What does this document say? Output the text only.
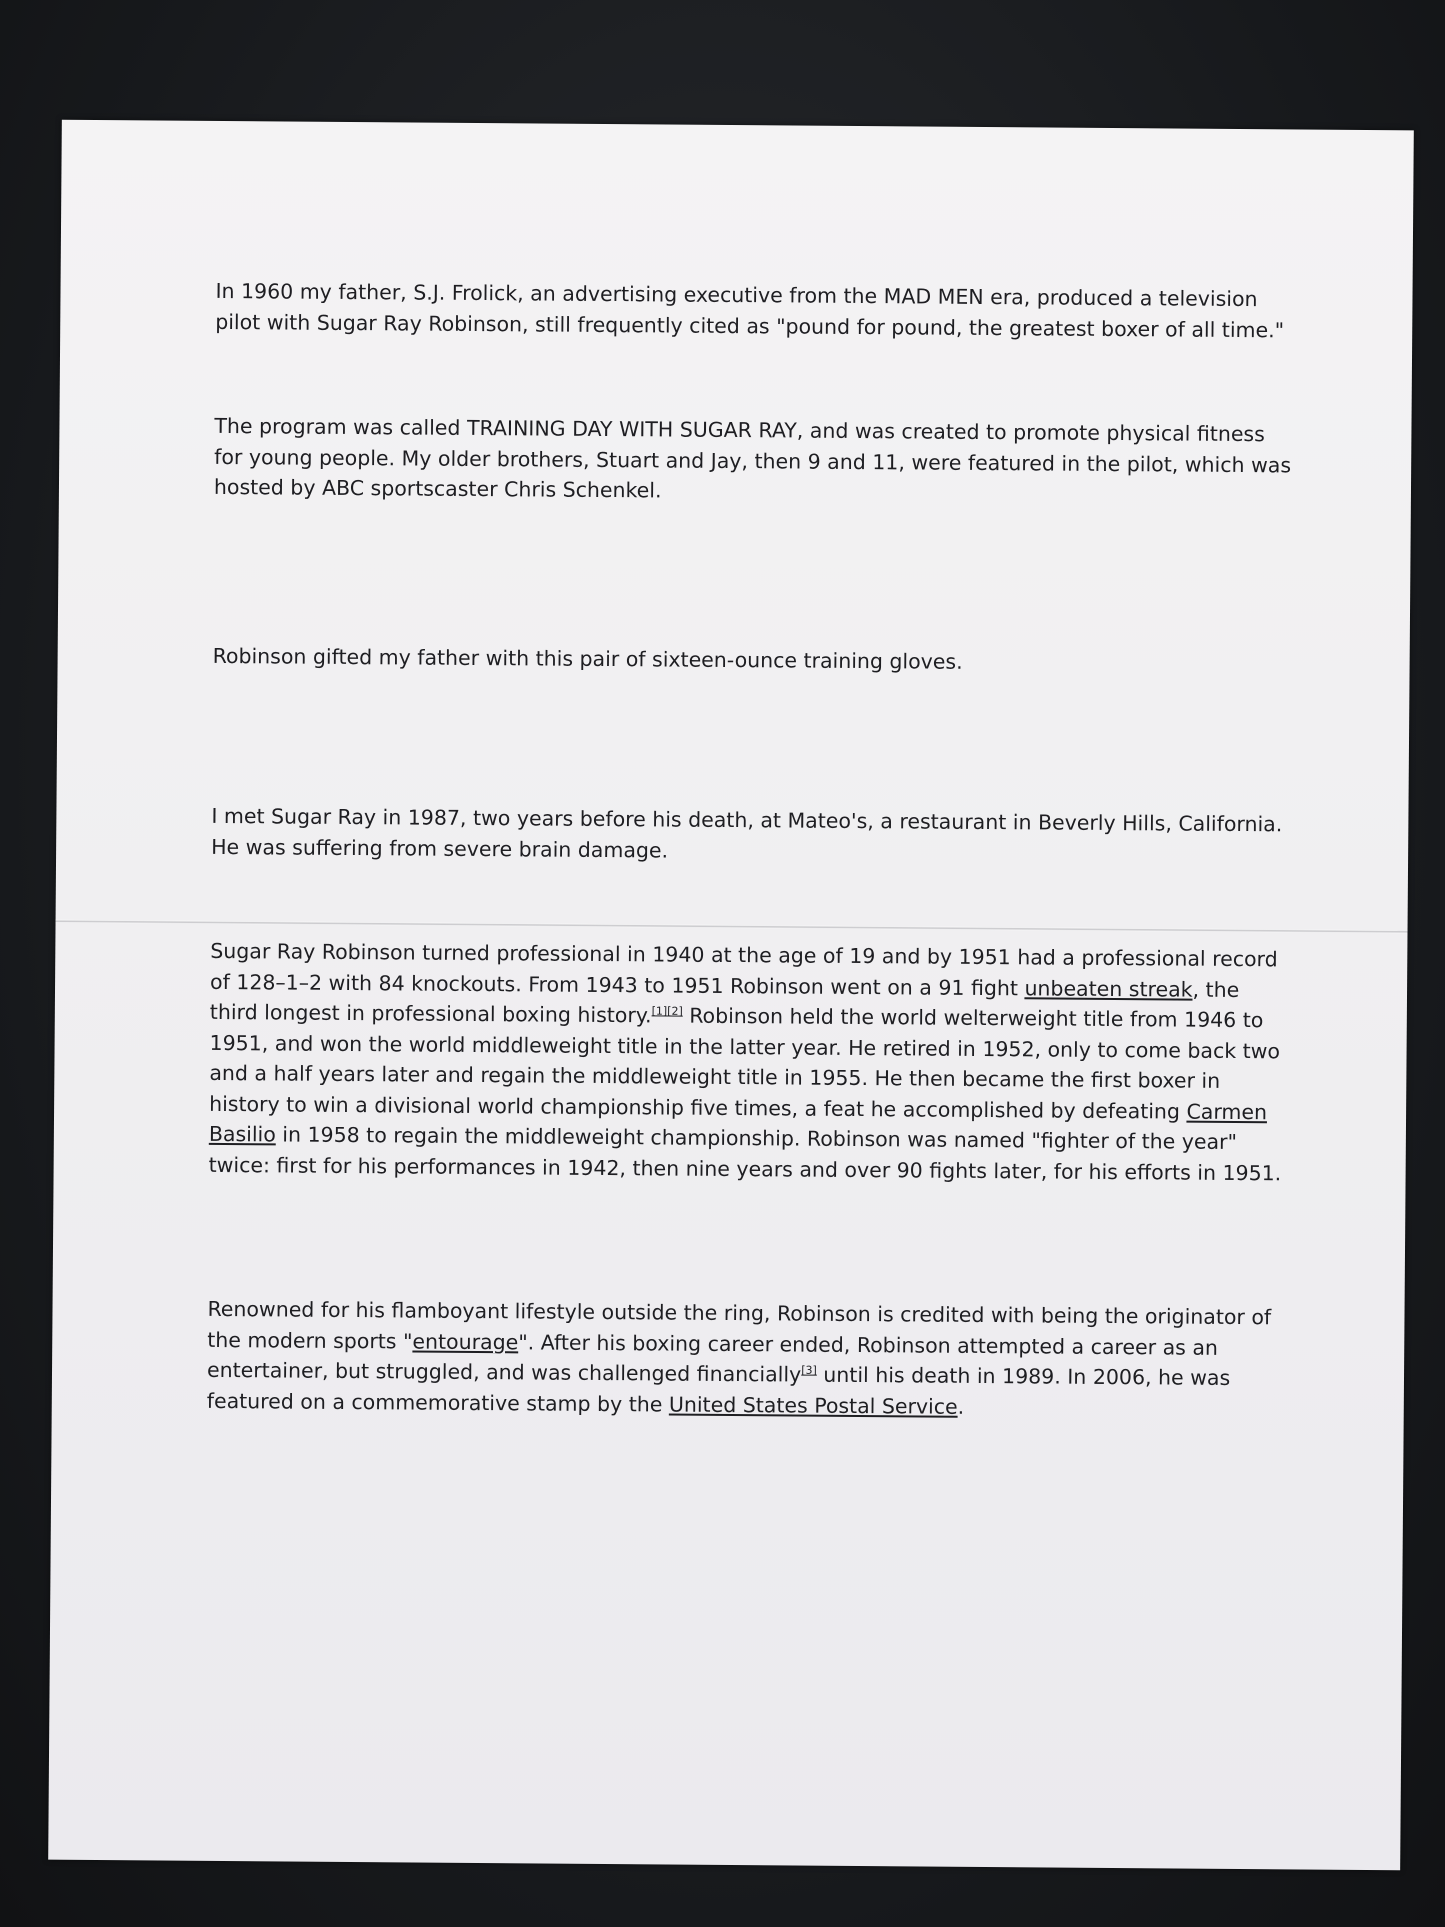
In 1960 my father, S.J. Frolick, an advertising executive from the MAD MEN era, produced a television pilot with Sugar Ray Robinson, still frequently cited as "pound for pound, the greatest boxer of all time."

The program was called TRAINING DAY WITH SUGAR RAY, and was created to promote physical fitness for young people. My older brothers, Stuart and Jay, then 9 and 11, were featured in the pilot, which was hosted by ABC sportscaster Chris Schenkel.

Robinson gifted my father with this pair of sixteen-ounce training gloves.

I met Sugar Ray in 1987, two years before his death, at Mateo's, a restaurant in Beverly Hills, California. He was suffering from severe brain damage.

Sugar Ray Robinson turned professional in 1940 at the age of 19 and by 1951 had a professional record of 128–1–2 with 84 knockouts. From 1943 to 1951 Robinson went on a 91 fight unbeaten streak, the third longest in professional boxing history.[1][2] Robinson held the world welterweight title from 1946 to 1951, and won the world middleweight title in the latter year. He retired in 1952, only to come back two and a half years later and regain the middleweight title in 1955. He then became the first boxer in history to win a divisional world championship five times, a feat he accomplished by defeating Carmen Basilio in 1958 to regain the middleweight championship. Robinson was named "fighter of the year" twice: first for his performances in 1942, then nine years and over 90 fights later, for his efforts in 1951.

Renowned for his flamboyant lifestyle outside the ring, Robinson is credited with being the originator of the modern sports "entourage". After his boxing career ended, Robinson attempted a career as an entertainer, but struggled, and was challenged financially[3] until his death in 1989. In 2006, he was featured on a commemorative stamp by the United States Postal Service.
